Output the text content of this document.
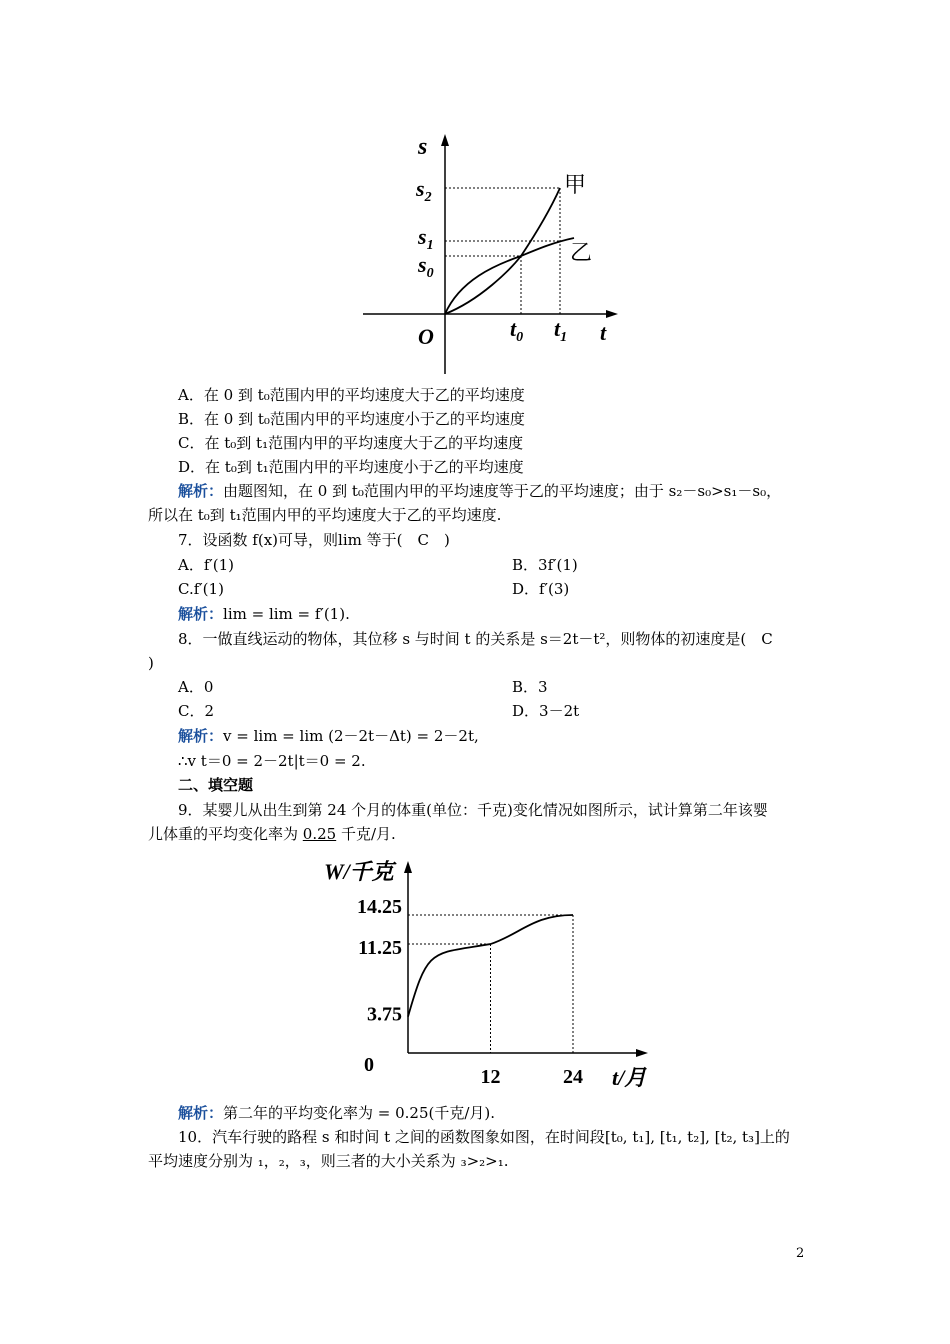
s
$s_2$
$s_1$
$s_0$
O	$t_0$ $t_1$ t
甲
乙
A．在 0 到 t₀范围内甲的平均速度大于乙的平均速度
B．在 0 到 t₀范围内甲的平均速度小于乙的平均速度
C．在 t₀到 t₁范围内甲的平均速度大于乙的平均速度
D．在 t₀到 t₁范围内甲的平均速度小于乙的平均速度
解析：由题图知，在 0 到 t₀范围内甲的平均速度等于乙的平均速度；由于 s₂－s₀>s₁－s₀，
所以在 t₀到 t₁范围内甲的平均速度大于乙的平均速度.
7．设函数 f(x)可导，则lim 等于(　C　)
A．f′(1)	B．3f′(1)
C.f′(1)	D．f′(3)
解析：lim = lim = f′(1).
8．一做直线运动的物体，其位移 s 与时间 t 的关系是 s＝2t－t²，则物体的初速度是(　C
)
A．0	B．3
C．2	D．3－2t
解析：v = lim = lim (2－2t－Δt) = 2－2t,
∴v t＝0 = 2－2t|t＝0 = 2.
二、填空题
9．某婴儿从出生到第 24 个月的体重(单位：千克)变化情况如图所示，试计算第二年该婴
儿体重的平均变化率为 0.25 千克/月.
14.25
11.25
3.75
12	24
W/千克
0	t/月
解析：第二年的平均变化率为 = 0.25(千克/月).
10．汽车行驶的路程 s 和时间 t 之间的函数图象如图，在时间段[t₀, t₁], [t₁, t₂], [t₂, t₃]上的
平均速度分别为 ₁，₂，₃，则三者的大小关系为 ₃>₂>₁.
2
